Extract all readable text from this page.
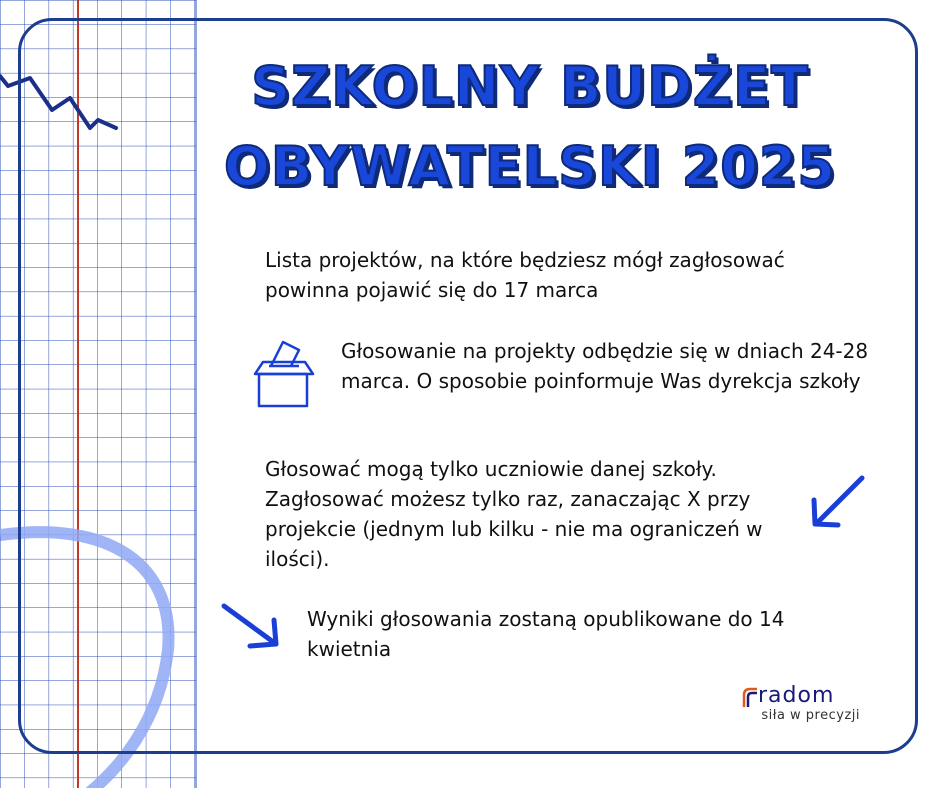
SZKOLNY BUDŻET
OBYWATELSKI 2025
Lista projektów, na które będziesz mógł zagłosować powinna pojawić się do 17 marca
Głosowanie na projekty odbędzie się w dniach 24-28 marca. O sposobie poinformuje Was dyrekcja szkoły
Głosować mogą tylko uczniowie danej szkoły. Zagłosować możesz tylko raz, zanaczając X przy projekcie (jednym lub kilku - nie ma ograniczeń w ilości).
Wyniki głosowania zostaną opublikowane do 14 kwietnia
radom
siła w precyzji
